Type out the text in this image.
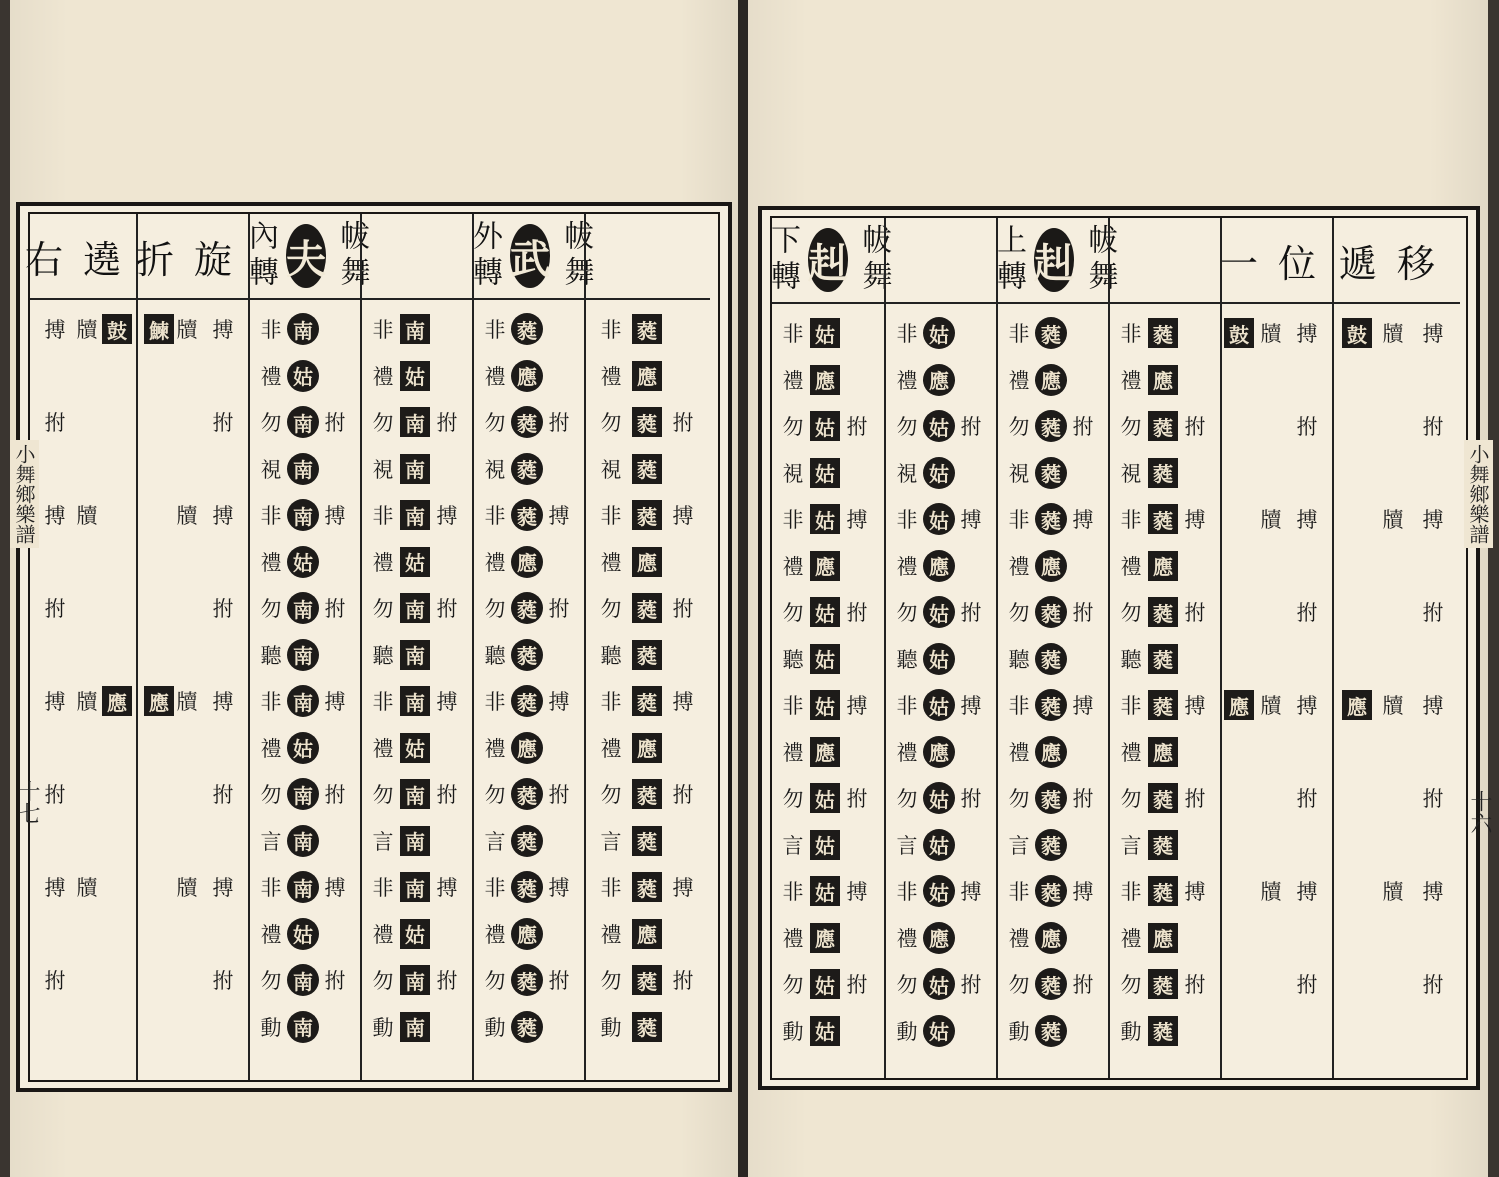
遶
右
搏
拊
搏
拊
搏
拊
搏
拊
牘
牘
牘
牘
鼓
應
旋
折
搏
拊
搏
拊
搏
拊
搏
拊
牘
牘
牘
牘
鰊
應
帗舞
夫
內轉
拊
搏
拊
搏
拊
搏
拊
南
姑
南
南
南
姑
南
南
南
姑
南
南
南
姑
南
南
非
禮
勿
視
非
禮
勿
聽
非
禮
勿
言
非
禮
勿
動
拊
搏
拊
搏
拊
搏
拊
南
姑
南
南
南
姑
南
南
南
姑
南
南
南
姑
南
南
非
禮
勿
視
非
禮
勿
聽
非
禮
勿
言
非
禮
勿
動
帗舞
武
外轉
拊
搏
拊
搏
拊
搏
拊
蕤
應
蕤
蕤
蕤
應
蕤
蕤
蕤
應
蕤
蕤
蕤
應
蕤
蕤
非
禮
勿
視
非
禮
勿
聽
非
禮
勿
言
非
禮
勿
動
拊
搏
拊
搏
拊
搏
拊
蕤
應
蕤
蕤
蕤
應
蕤
蕤
蕤
應
蕤
蕤
蕤
應
蕤
蕤
非
禮
勿
視
非
禮
勿
聽
非
禮
勿
言
非
禮
勿
動
小舞鄉樂譜
十七
帗舞
赳
下轉
拊
搏
拊
搏
拊
搏
拊
姑
應
姑
姑
姑
應
姑
姑
姑
應
姑
姑
姑
應
姑
姑
非
禮
勿
視
非
禮
勿
聽
非
禮
勿
言
非
禮
勿
動
拊
搏
拊
搏
拊
搏
拊
姑
應
姑
姑
姑
應
姑
姑
姑
應
姑
姑
姑
應
姑
姑
非
禮
勿
視
非
禮
勿
聽
非
禮
勿
言
非
禮
勿
動
帗舞
赳
上轉
拊
搏
拊
搏
拊
搏
拊
蕤
應
蕤
蕤
蕤
應
蕤
蕤
蕤
應
蕤
蕤
蕤
應
蕤
蕤
非
禮
勿
視
非
禮
勿
聽
非
禮
勿
言
非
禮
勿
動
拊
搏
拊
搏
拊
搏
拊
蕤
應
蕤
蕤
蕤
應
蕤
蕤
蕤
應
蕤
蕤
蕤
應
蕤
蕤
非
禮
勿
視
非
禮
勿
聽
非
禮
勿
言
非
禮
勿
動
位
一
搏
拊
搏
拊
搏
拊
搏
拊
牘
牘
牘
牘
鼓
應
移
遞
搏
拊
搏
拊
搏
拊
搏
拊
牘
牘
牘
牘
鼓
應
小舞鄉樂譜
十六
